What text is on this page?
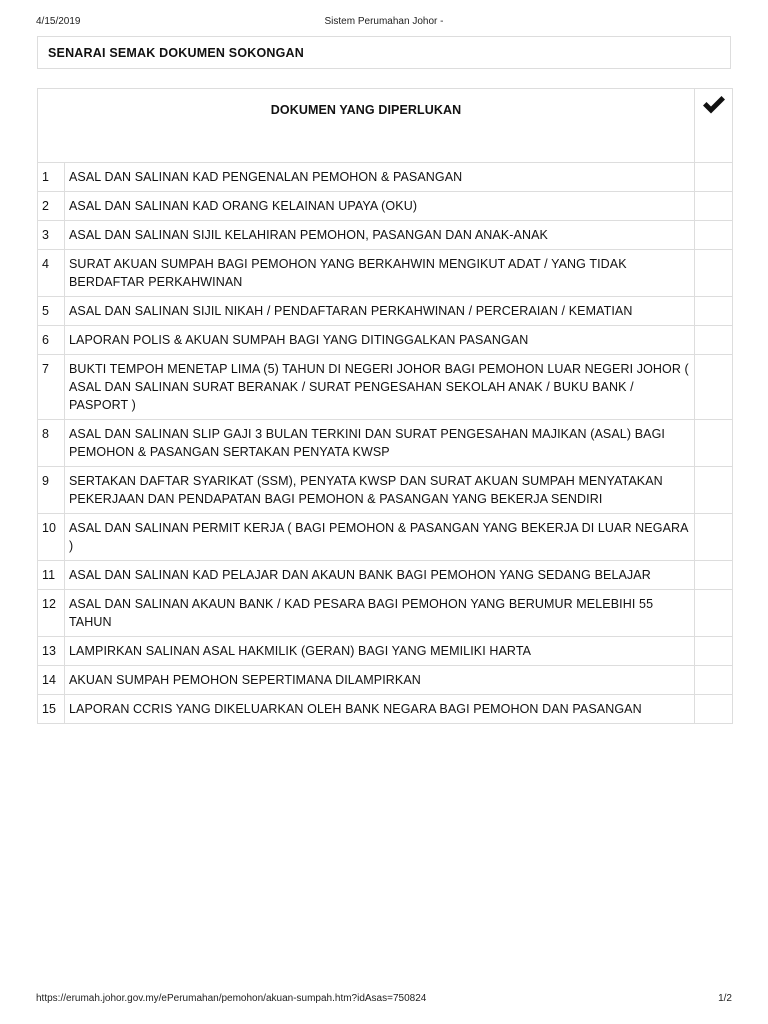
4/15/2019	Sistem Perumahan Johor -
SENARAI SEMAK DOKUMEN SOKONGAN
DOKUMEN YANG DIPERLUKAN	

1	ASAL DAN SALINAN KAD PENGENALAN PEMOHON & PASANGAN	
2	ASAL DAN SALINAN KAD ORANG KELAINAN UPAYA (OKU)	
3	ASAL DAN SALINAN SIJIL KELAHIRAN PEMOHON, PASANGAN DAN ANAK-ANAK	
4	SURAT AKUAN SUMPAH BAGI PEMOHON YANG BERKAHWIN MENGIKUT ADAT / YANG TIDAK BERDAFTAR PERKAHWINAN	
5	ASAL DAN SALINAN SIJIL NIKAH / PENDAFTARAN PERKAHWINAN / PERCERAIAN / KEMATIAN	
6	LAPORAN POLIS & AKUAN SUMPAH BAGI YANG DITINGGALKAN PASANGAN	
7	BUKTI TEMPOH MENETAP LIMA (5) TAHUN DI NEGERI JOHOR BAGI PEMOHON LUAR NEGERI JOHOR ( ASAL DAN SALINAN SURAT BERANAK / SURAT PENGESAHAN SEKOLAH ANAK / BUKU BANK / PASPORT )	
8	ASAL DAN SALINAN SLIP GAJI 3 BULAN TERKINI DAN SURAT PENGESAHAN MAJIKAN (ASAL) BAGI PEMOHON & PASANGAN SERTAKAN PENYATA KWSP	
9	SERTAKAN DAFTAR SYARIKAT (SSM), PENYATA KWSP DAN SURAT AKUAN SUMPAH MENYATAKAN PEKERJAAN DAN PENDAPATAN BAGI PEMOHON & PASANGAN YANG BEKERJA SENDIRI	
10	ASAL DAN SALINAN PERMIT KERJA ( BAGI PEMOHON & PASANGAN YANG BEKERJA DI LUAR NEGARA )	
11	ASAL DAN SALINAN KAD PELAJAR DAN AKAUN BANK BAGI PEMOHON YANG SEDANG BELAJAR	
12	ASAL DAN SALINAN AKAUN BANK / KAD PESARA BAGI PEMOHON YANG BERUMUR MELEBIHI 55 TAHUN	
13	LAMPIRKAN SALINAN ASAL HAKMILIK (GERAN) BAGI YANG MEMILIKI HARTA	
14	AKUAN SUMPAH PEMOHON SEPERTIMANA DILAMPIRKAN	
15	LAPORAN CCRIS YANG DIKELUARKAN OLEH BANK NEGARA BAGI PEMOHON DAN PASANGAN	
https://erumah.johor.gov.my/ePerumahan/pemohon/akuan-sumpah.htm?idAsas=750824	1/2
